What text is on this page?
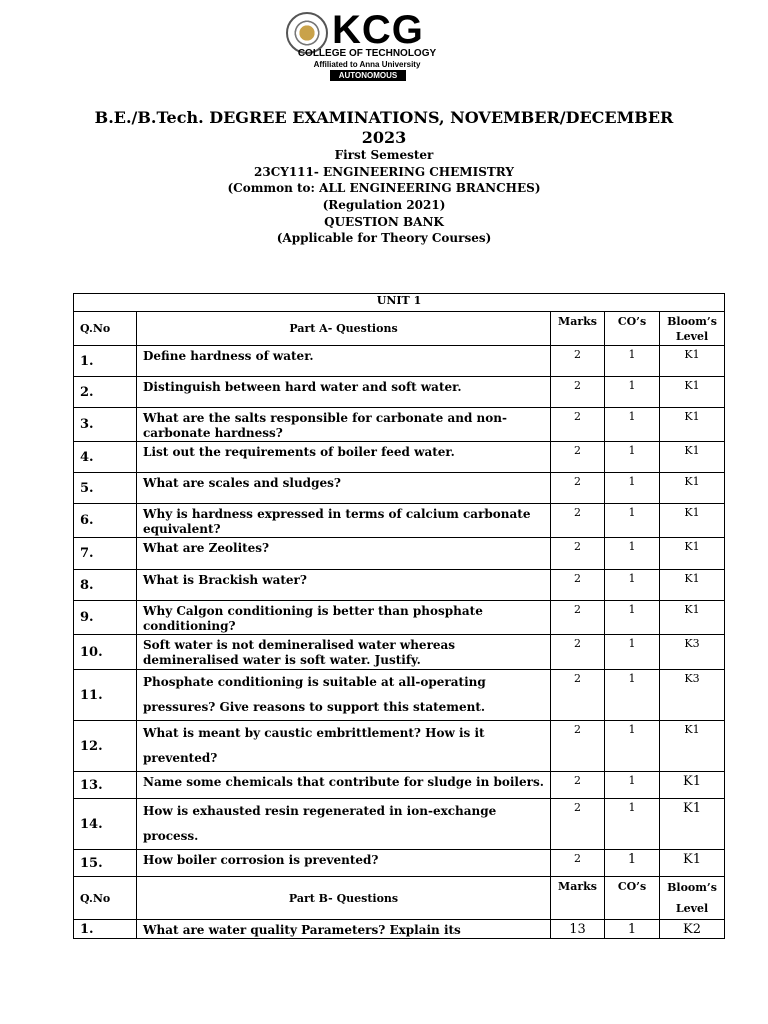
KCG
COLLEGE OF TECHNOLOGY
Affiliated to Anna University
AUTONOMOUS
B.E./B.Tech. DEGREE EXAMINATIONS, NOVEMBER/DECEMBER
2023
First Semester
23CY111- ENGINEERING CHEMISTRY
(Common to: ALL ENGINEERING BRANCHES)
(Regulation 2021)
QUESTION BANK
(Applicable for Theory Courses)
UNIT 1				
Q.No	Part A- Questions	Marks	CO’s	Bloom’s
Level
1.	Define hardness of water.	2	1	K1
2.	Distinguish between hard water and soft water.	2	1	K1
3.	What are the salts responsible for carbonate and non-carbonate hardness?	2	1	K1
4.	List out the requirements of boiler feed water.	2	1	K1
5.	What are scales and sludges?	2	1	K1
6.	Why is hardness expressed in terms of calcium carbonate equivalent?	2	1	K1
7.	What are Zeolites?	2	1	K1
8.	What is Brackish water?	2	1	K1
9.	Why Calgon conditioning is better than phosphate conditioning?	2	1	K1
10.	Soft water is not demineralised water whereas demineralised water is soft water. Justify.	2	1	K3
11.	Phosphate conditioning is suitable at all-operating pressures? Give reasons to support this statement.	2	1	K3
12.	What is meant by caustic embrittlement? How is it prevented?	2	1	K1
13.	Name some chemicals that contribute for sludge in boilers.	2	1	K1
14.	How is exhausted resin regenerated in ion-exchange process.	2	1	K1
15.	How boiler corrosion is prevented?	2	1	K1
Q.No	Part B- Questions	Marks	CO’s	Bloom’s
Level
1.	What are water quality Parameters? Explain its	13	1	K2
